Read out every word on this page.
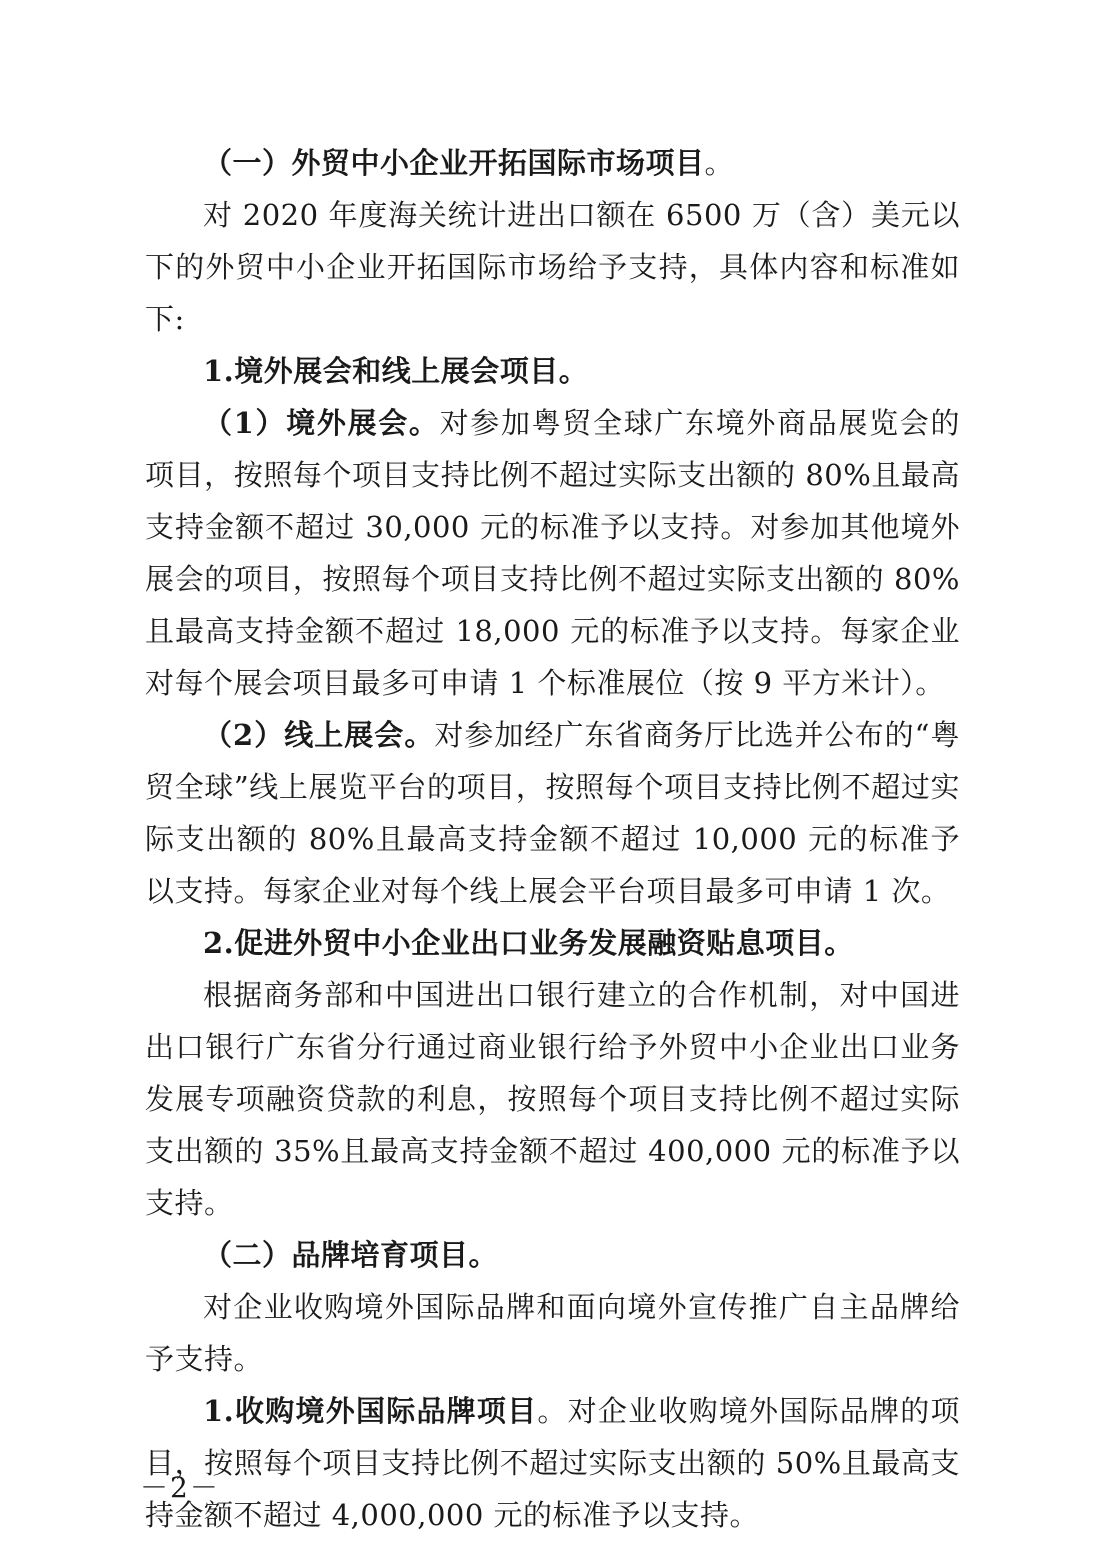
（一）外贸中小企业开拓国际市场项目。

对 2020 年度海关统计进出口额在 6500 万（含）美元以下的外贸中小企业开拓国际市场给予支持，具体内容和标准如下:

1.境外展会和线上展会项目。

（1）境外展会。对参加粤贸全球广东境外商品展览会的项目，按照每个项目支持比例不超过实际支出额的 80%且最高支持金额不超过 30,000 元的标准予以支持。对参加其他境外展会的项目，按照每个项目支持比例不超过实际支出额的 80%且最高支持金额不超过 18,000 元的标准予以支持。每家企业对每个展会项目最多可申请 1 个标准展位（按 9 平方米计）。

（2）线上展会。对参加经广东省商务厅比选并公布的“粤贸全球”线上展览平台的项目，按照每个项目支持比例不超过实际支出额的 80%且最高支持金额不超过 10,000 元的标准予以支持。每家企业对每个线上展会平台项目最多可申请 1 次。

2.促进外贸中小企业出口业务发展融资贴息项目。

根据商务部和中国进出口银行建立的合作机制，对中国进出口银行广东省分行通过商业银行给予外贸中小企业出口业务发展专项融资贷款的利息，按照每个项目支持比例不超过实际支出额的 35%且最高支持金额不超过 400,000 元的标准予以支持。

（二）品牌培育项目。

对企业收购境外国际品牌和面向境外宣传推广自主品牌给予支持。

1.收购境外国际品牌项目。对企业收购境外国际品牌的项目，按照每个项目支持比例不超过实际支出额的 50%且最高支持金额不超过 4,000,000 元的标准予以支持。

－2－
